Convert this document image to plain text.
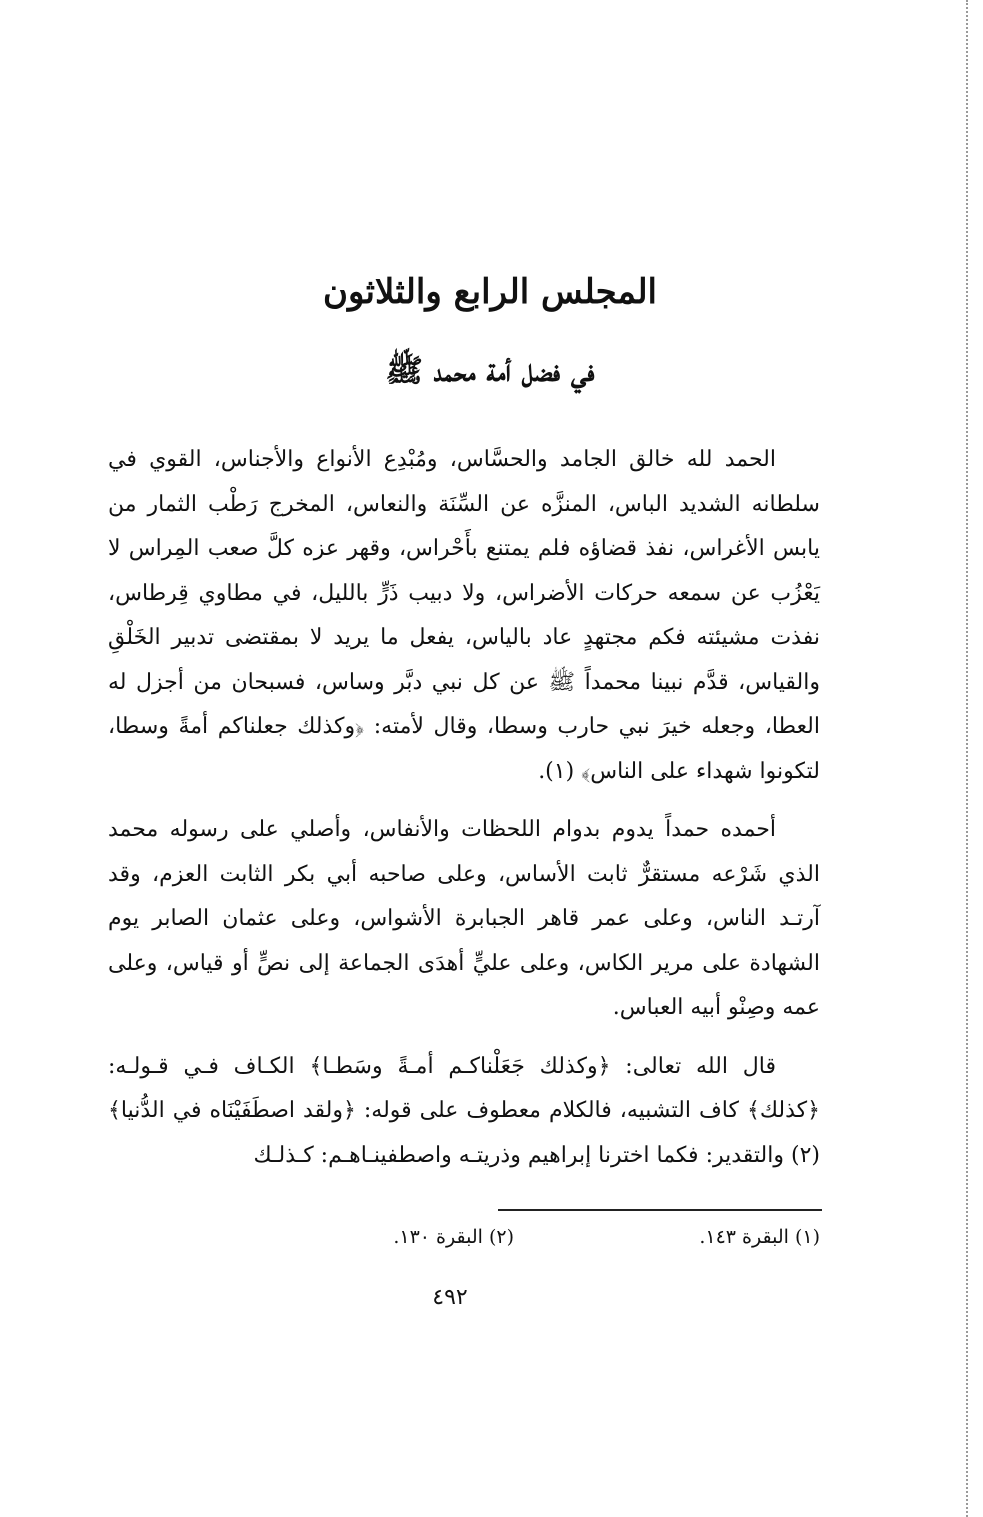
المجلس الرابع والثلاثون
في فضل أمة محمد ﷺ

الحمد لله خالق الجامد والحسَّاس، ومُبْدِع الأنواع والأجناس، القوي في سلطانه الشديد الباس، المنزَّه عن السِّنَة والنعاس، المخرج رَطْب الثمار من يابس الأغراس، نفذ قضاؤه فلم يمتنع بأَحْراس، وقهر عزه كلَّ صعب المِراس لا يَعْزُب عن سمعه حركات الأضراس، ولا دبيب ذَرٍّ بالليل، في مطاوي قِرطاس، نفذت مشيئته فكم مجتهدٍ عاد بالياس، يفعل ما يريد لا بمقتضى تدبير الخَلْقِ والقياس، قدَّم نبينا محمداً ﷺ عن كل نبي دبَّر وساس، فسبحان من أجزل له العطا، وجعله خيرَ نبي حارب وسطا، وقال لأمته: ﴿وكذلك جعلناكم أمةً وسطا، لتكونوا شهداء على الناس﴾ (١).

أحمده حمداً يدوم بدوام اللحظات والأنفاس، وأصلي على رسوله محمد الذي شَرْعه مستقرٌّ ثابت الأساس، وعلى صاحبه أبي بكر الثابت العزم، وقد آرتـد الناس، وعلى عمر قاهر الجبابرة الأشواس، وعلى عثمان الصابر يوم الشهادة على مرير الكاس، وعلى عليٍّ أهدَى الجماعة إلى نصٍّ أو قياس، وعلى عمه وصِنْو أبيه العباس.

قال الله تعالى: ﴿وكذلك جَعَلْناكـم أمـةً وسَطـا﴾ الكـاف فـي قـولـه: ﴿كذلك﴾ كاف التشبيه، فالكلام معطوف على قوله: ﴿ولقد اصطَفَيْنَاه في الدُّنيا﴾ (٢) والتقدير: فكما اخترنا إبراهيم وذريتـه واصطفينـاهـم: كـذلـك

(١) البقرة ١٤٣.
(٢) البقرة ١٣٠.
٤٩٢
